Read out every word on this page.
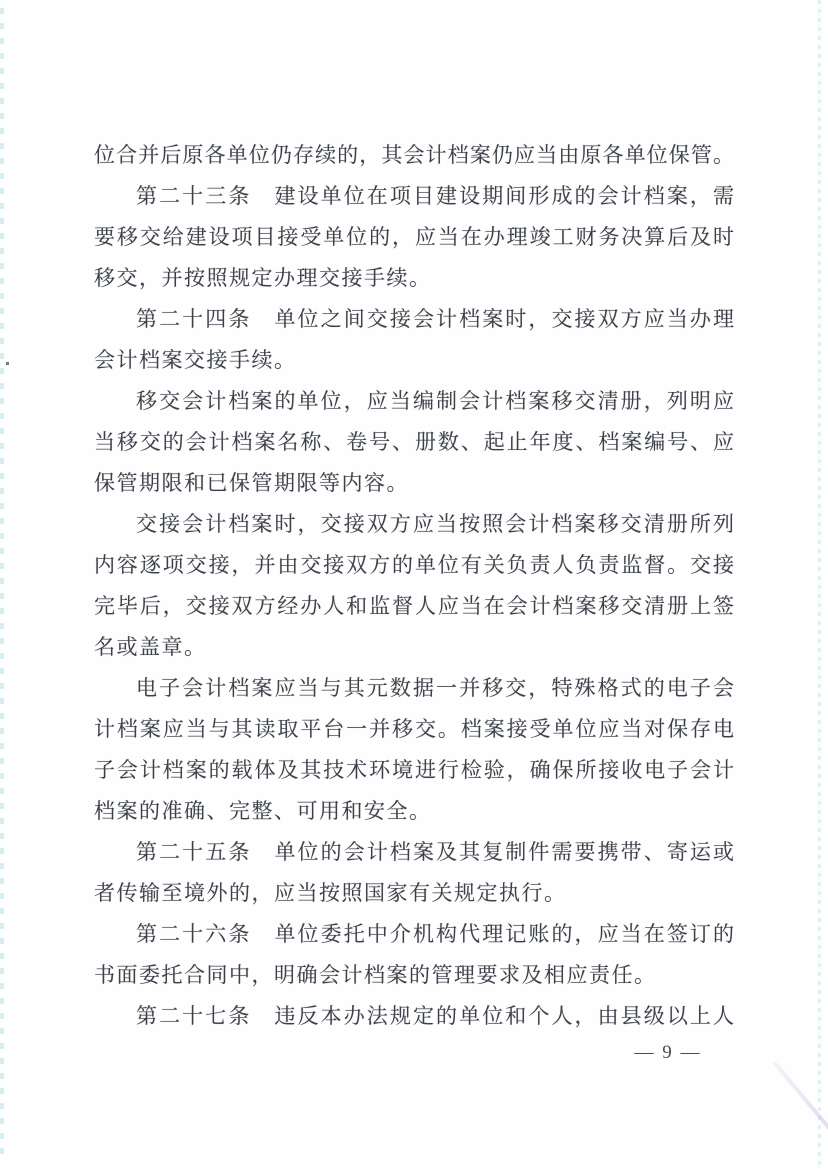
位合并后原各单位仍存续的，其会计档案仍应当由原各单位保管。
第二十三条　建设单位在项目建设期间形成的会计档案，需
要移交给建设项目接受单位的，应当在办理竣工财务决算后及时
移交，并按照规定办理交接手续。
第二十四条　单位之间交接会计档案时，交接双方应当办理
会计档案交接手续。
移交会计档案的单位，应当编制会计档案移交清册，列明应
当移交的会计档案名称、卷号、册数、起止年度、档案编号、应
保管期限和已保管期限等内容。
交接会计档案时，交接双方应当按照会计档案移交清册所列
内容逐项交接，并由交接双方的单位有关负责人负责监督。交接
完毕后，交接双方经办人和监督人应当在会计档案移交清册上签
名或盖章。
电子会计档案应当与其元数据一并移交，特殊格式的电子会
计档案应当与其读取平台一并移交。档案接受单位应当对保存电
子会计档案的载体及其技术环境进行检验，确保所接收电子会计
档案的准确、完整、可用和安全。
第二十五条　单位的会计档案及其复制件需要携带、寄运或
者传输至境外的，应当按照国家有关规定执行。
第二十六条　单位委托中介机构代理记账的，应当在签订的
书面委托合同中，明确会计档案的管理要求及相应责任。
第二十七条　违反本办法规定的单位和个人，由县级以上人
— 9 —
